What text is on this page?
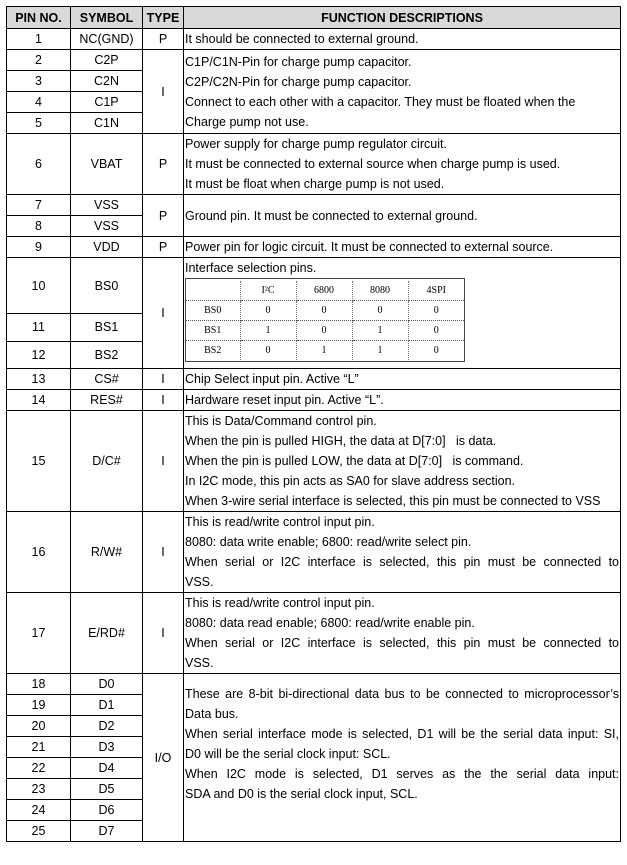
PIN NO.	SYMBOL	TYPE	FUNCTION DESCRIPTIONS
1	NC(GND)	P	It should be connected to external ground.

2	C2P	I	
C1P/C1N-Pin for charge pump capacitor.
C2P/C2N-Pin for charge pump capacitor.
Connect to each other with a capacitor. They must be floated when the
Charge pump not use.

3	C2N
4	C1P
5	C1N
6	VBAT	P	
Power supply for charge pump regulator circuit.
It must be connected to external source when charge pump is used.
It must be float when charge pump is not used.

7	VSS	P	Ground pin. It must be connected to external ground.

8	VSS
9	VDD	P	Power pin for logic circuit. It must be connected to external source.

10	BS0	I	
Interface selection pins.
	I²C	6800	8080	4SPI
BS0	0	0	0	0
BS1	1	0	1	0
BS2	0	1	1	0

11	BS1
12	BS2
13	CS#	I	Chip Select input pin. Active “L”

14	RES#	I	Hardware reset input pin. Active “L”.

15	D/C#	I	
This is Data/Command control pin.
When the pin is pulled HIGH, the data at D[7:0]   is data.
When the pin is pulled LOW, the data at D[7:0]   is command.
In I2C mode, this pin acts as SA0 for slave address section.
When 3-wire serial interface is selected, this pin must be connected to VSS

16	R/W#	I	
This is read/write control input pin.
8080: data write enable; 6800: read/write select pin.
When serial or I2C interface is selected, this pin must be connected to
VSS.

17	E/RD#	I	
This is read/write control input pin.
8080: data read enable; 6800: read/write enable pin.
When serial or I2C interface is selected, this pin must be connected to
VSS.

18	D0	I/O	
These are 8-bit bi-directional data bus to be connected to microprocessor’s
Data bus.
When serial interface mode is selected, D1 will be the serial data input: SI,
D0 will be the serial clock input: SCL.
When I2C mode is selected, D1 serves as the the serial data input:
SDA and D0 is the serial clock input, SCL.

19	D1
20	D2
21	D3
22	D4
23	D5
24	D6
25	D7
